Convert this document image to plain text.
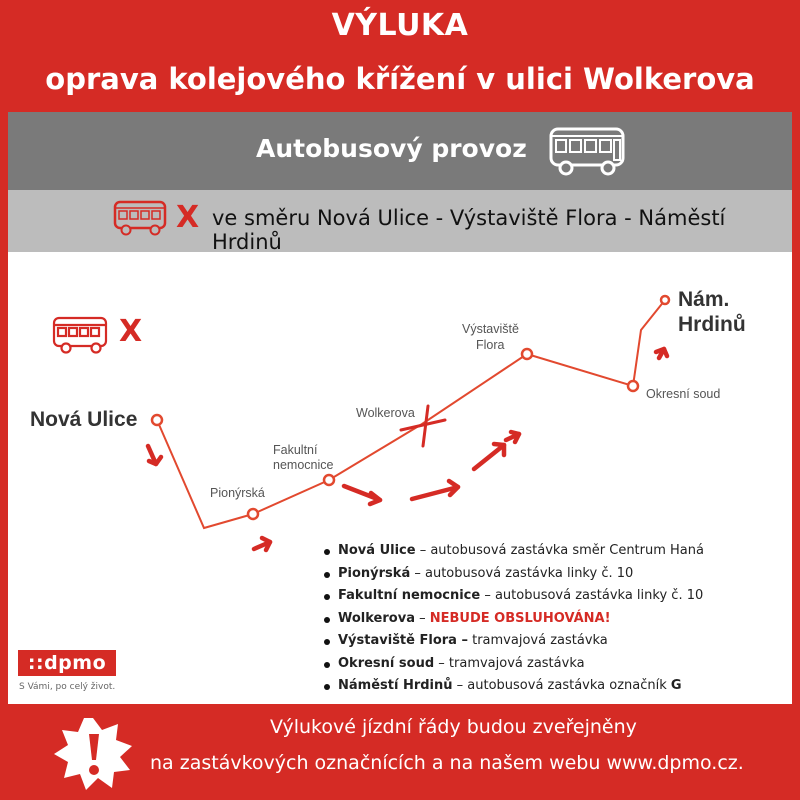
VÝLUKA
oprava kolejového křížení v ulici Wolkerova
Autobusový provoz
X ve směru Nová Ulice - Výstaviště Flora - Náměstí Hrdinů
X
Nová Ulice
Pionýrská
Fakultní
nemocnice
Wolkerova
Výstaviště
Flora
Okresní soud
Nám.
Hrdinů
Nová Ulice – autobusová zastávka směr Centrum Haná
Pionýrská – autobusová zastávka linky č. 10
Fakultní nemocnice – autobusová zastávka linky č. 10
Wolkerova – NEBUDE OBSLUHOVÁNA!
Výstaviště Flora – tramvajová zastávka
Okresní soud – tramvajová zastávka
Náměstí Hrdinů – autobusová zastávka označník G
::dpmo
S Vámi, po celý život.
Výlukové jízdní řády budou zveřejněny
na zastávkových označnících a na našem webu www.dpmo.cz.
